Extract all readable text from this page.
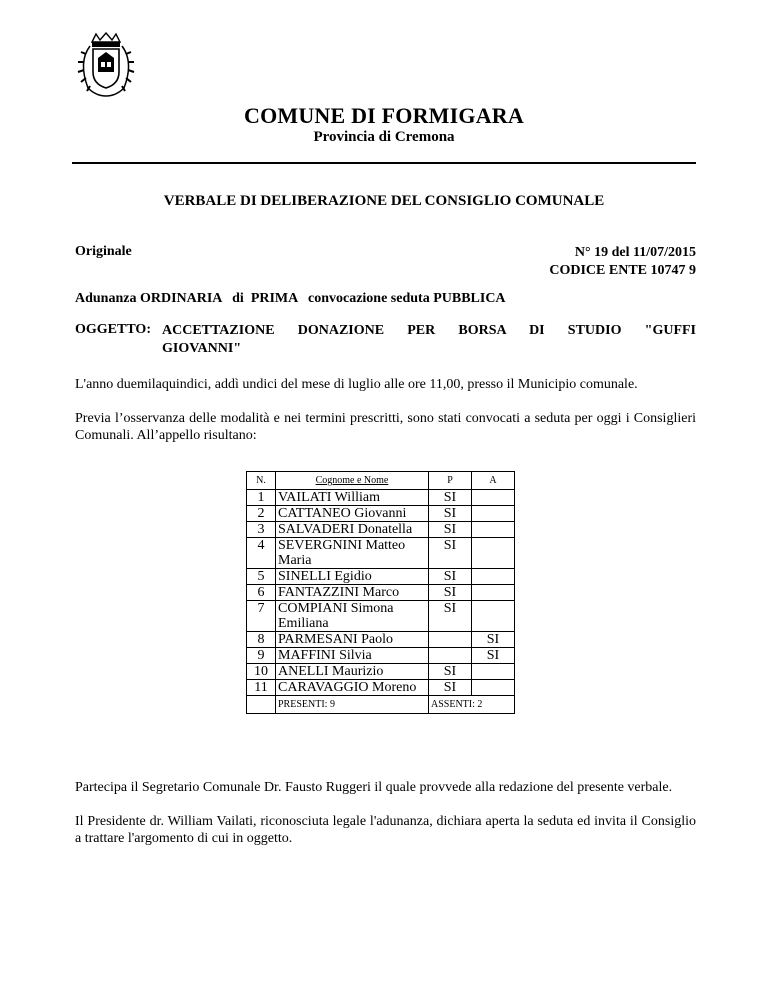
COMUNE DI FORMIGARA
Provincia di Cremona
VERBALE DI DELIBERAZIONE DEL CONSIGLIO COMUNALE
Originale	N° 19 del 11/07/2015
CODICE ENTE 10747 9
Adunanza ORDINARIA   di  PRIMA   convocazione seduta PUBBLICA
OGGETTO: ACCETTAZIONE DONAZIONE PER BORSA DI STUDIO "GUFFI
GIOVANNI"
L'anno duemilaquindici, addì undici del mese di luglio alle ore 11,00, presso il Municipio comunale.
Previa l’osservanza delle modalità e nei termini prescritti, sono stati convocati a seduta per oggi i Consiglieri Comunali. All’appello risultano:
N.	Cognome e Nome	P	A
1	VAILATI William	SI	
2	CATTANEO Giovanni	SI	
3	SALVADERI Donatella	SI	
4	SEVERGNINI Matteo Maria	SI	
5	SINELLI Egidio	SI	
6	FANTAZZINI Marco	SI	
7	COMPIANI Simona Emiliana	SI	
8	PARMESANI Paolo		SI
9	MAFFINI Silvia		SI
10	ANELLI Maurizio	SI	
11	CARAVAGGIO Moreno	SI	
	PRESENTI: 9	ASSENTI: 2	
Partecipa il Segretario Comunale Dr. Fausto Ruggeri il quale provvede alla redazione del presente verbale.
Il Presidente dr. William Vailati, riconosciuta legale l'adunanza, dichiara aperta la seduta ed invita il Consiglio a trattare l'argomento di cui in oggetto.
